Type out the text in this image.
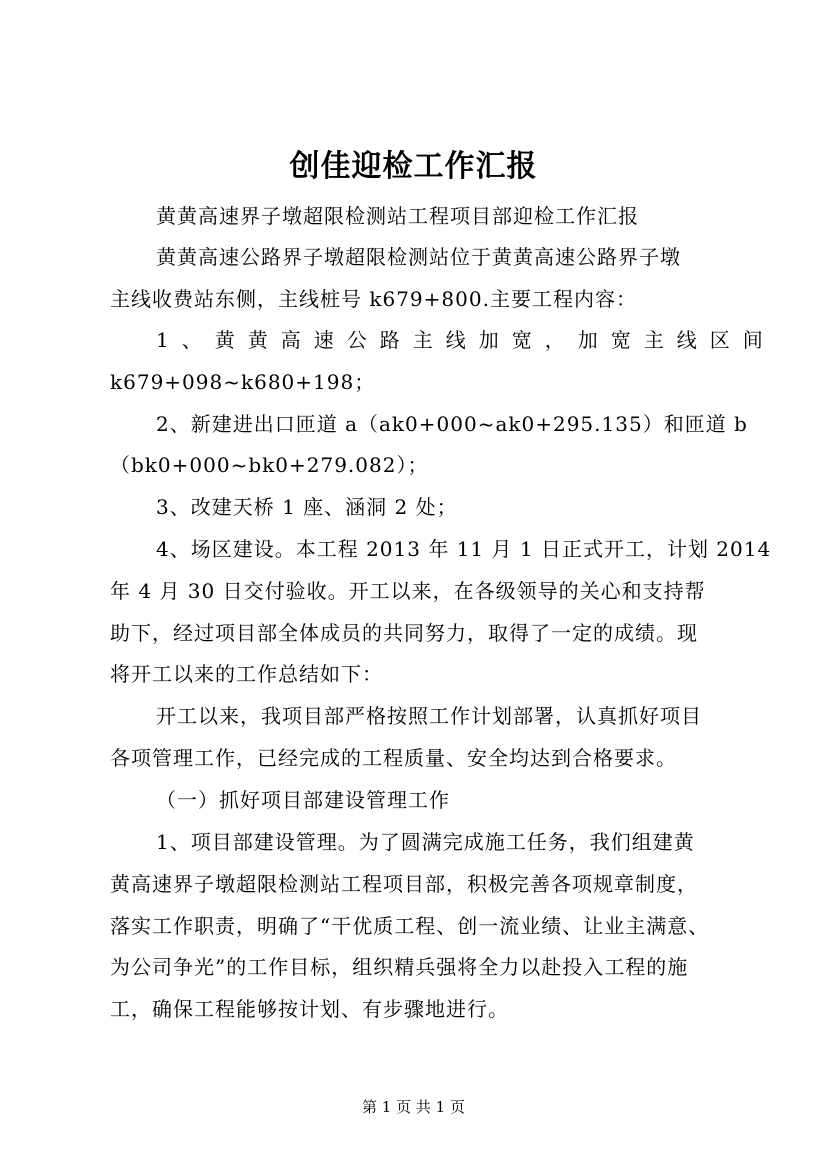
创佳迎检工作汇报
黄黄高速界子墩超限检测站工程项目部迎检工作汇报
黄黄高速公路界子墩超限检测站位于黄黄高速公路界子墩
主线收费站东侧，主线桩号 k679+800.主要工程内容：
1、黄黄高速公路主线加宽，加宽主线区间
k679+098~k680+198；
2、新建进出口匝道 a（ak0+000~ak0+295.135）和匝道 b
（bk0+000~bk0+279.082）；
3、改建天桥 1 座、涵洞 2 处；
4、场区建设。本工程 2013 年 11 月 1 日正式开工，计划 2014
年 4 月 30 日交付验收。开工以来，在各级领导的关心和支持帮
助下，经过项目部全体成员的共同努力，取得了一定的成绩。现
将开工以来的工作总结如下：
开工以来，我项目部严格按照工作计划部署，认真抓好项目
各项管理工作，已经完成的工程质量、安全均达到合格要求。
（一）抓好项目部建设管理工作
1、项目部建设管理。为了圆满完成施工任务，我们组建黄
黄高速界子墩超限检测站工程项目部，积极完善各项规章制度，
落实工作职责，明确了“干优质工程、创一流业绩、让业主满意、
为公司争光”的工作目标，组织精兵强将全力以赴投入工程的施
工，确保工程能够按计划、有步骤地进行。
第 1 页 共 1 页
